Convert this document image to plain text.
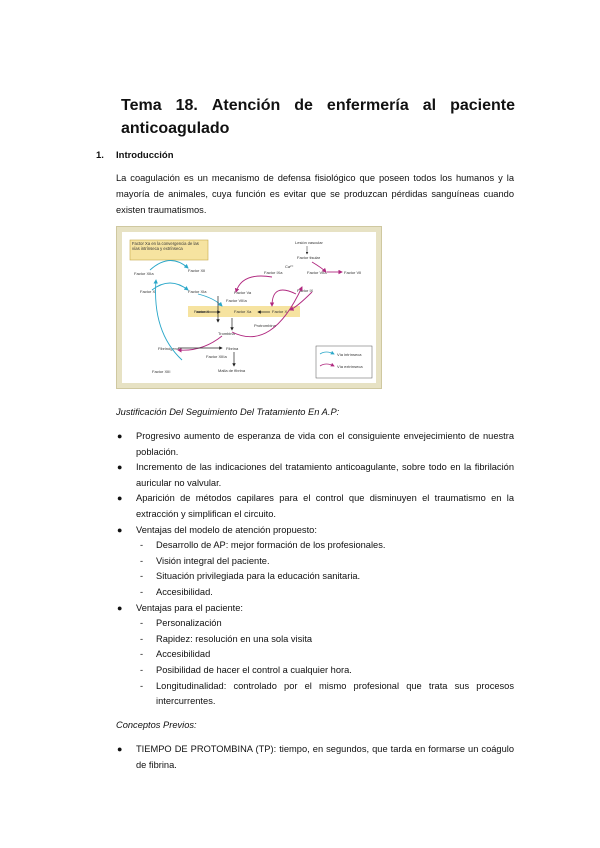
Tema 18. Atención de enfermería al paciente
anticoagulado
1. Introducción
La coagulación es un mecanismo de defensa fisiológico que poseen todos los humanos y la mayoría de animales, cuya función es evitar que se produzcan pérdidas sanguíneas cuando existen traumatismos.
Factor Xa en la convergencia de las vías intrínseca y extrínseca
Lesión vascular
Factor tisular
Factor XII
Ca²⁺
Factor XIIa
Factor XI	Factor XIa
Factor IXa	Factor VIIa	Factor VII
Factor IX
Factor Va
Factor VIIIa
Factor X	Factor Xa	Factor X
Protrombina
Trombina
Fibrinógeno	Fibrina
Factor XIIIa
Factor XIII	Malla de fibrina
Vía intrínseca
Vía extrínseca
Justificación Del Seguimiento Del Tratamiento En A.P:
● Progresivo aumento de esperanza de vida con el consiguiente envejecimiento de nuestra población.
● Incremento de las indicaciones del tratamiento anticoagulante, sobre todo en la fibrilación auricular no valvular.
● Aparición de métodos capilares para el control que disminuyen el traumatismo en la extracción y simplifican el circuito.
● Ventajas del modelo de atención propuesto:
- Desarrollo de AP: mejor formación de los profesionales.
- Visión integral del paciente.
- Situación privilegiada para la educación sanitaria.
- Accesibilidad.
● Ventajas para el paciente:
- Personalización
- Rapidez: resolución en una sola visita
- Accesibilidad
- Posibilidad de hacer el control a cualquier hora.
- Longitudinalidad: controlado por el mismo profesional que trata sus procesos intercurrentes.
Conceptos Previos:
● TIEMPO DE PROTOMBINA (TP): tiempo, en segundos, que tarda en formarse un coágulo de fibrina.
